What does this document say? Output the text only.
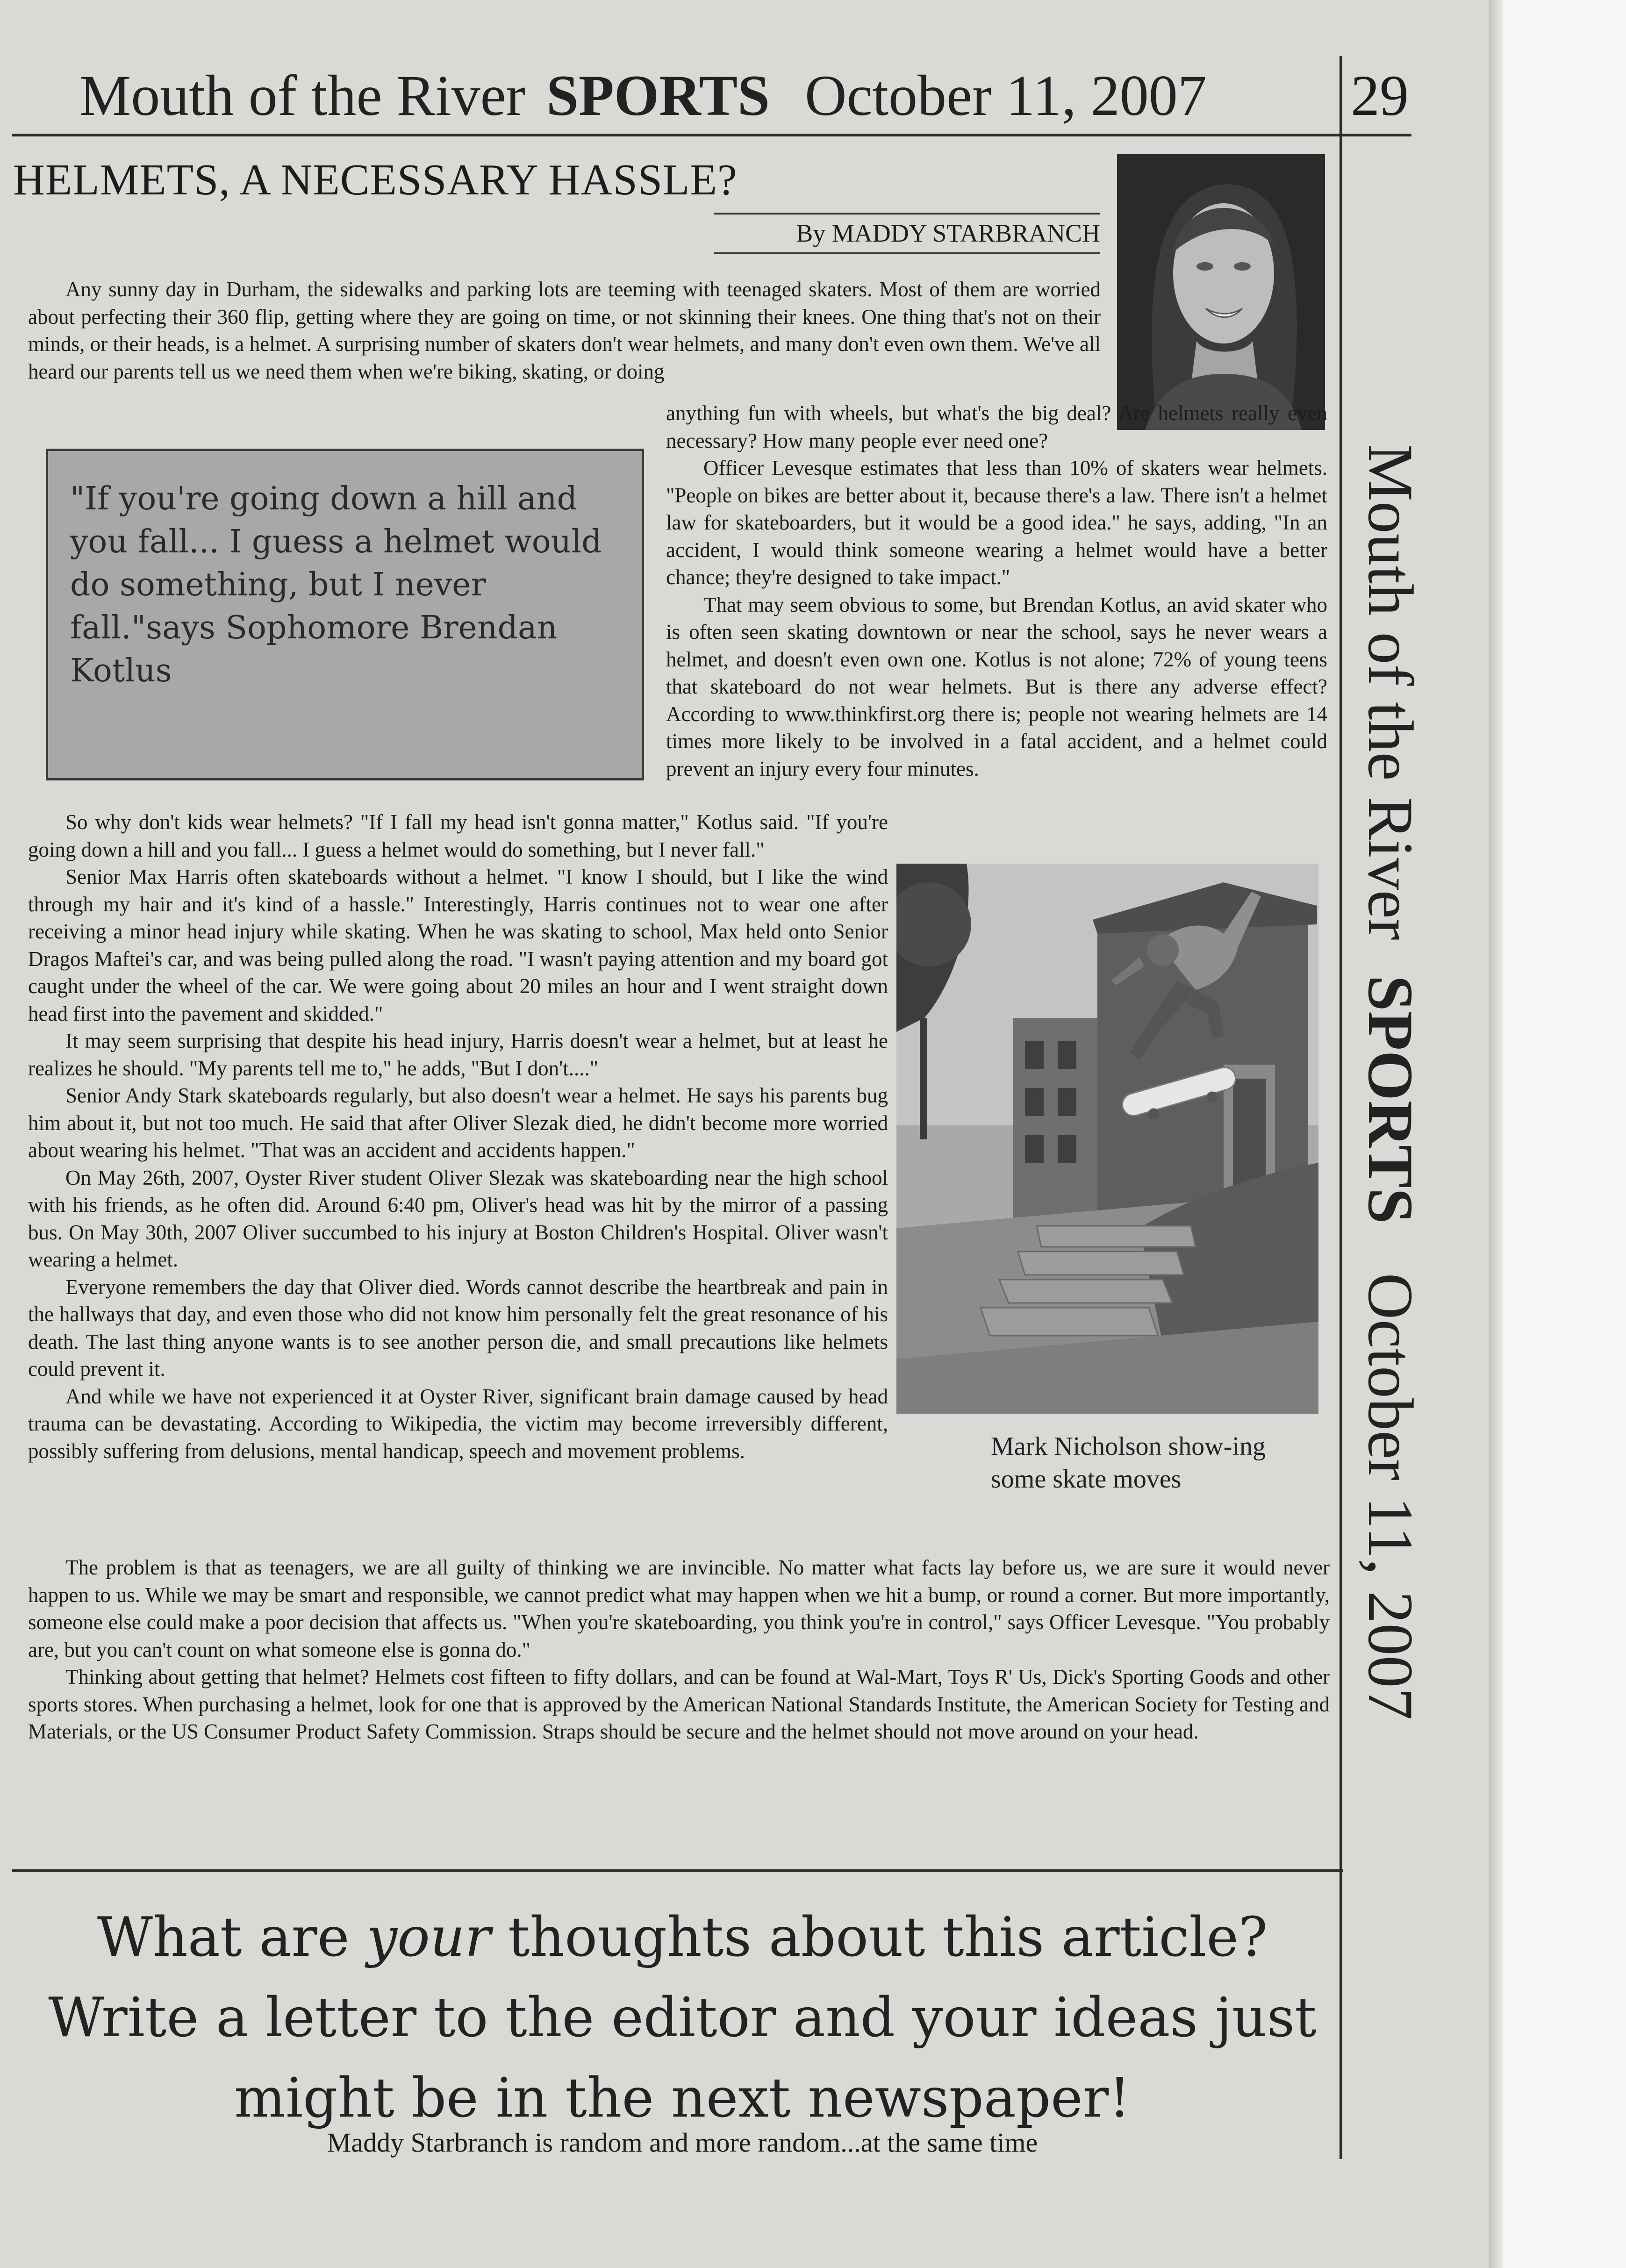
Mouth of the River SPORTS October 11, 2007 29
HELMETS, A NECESSARY HASSLE?
By MADDY STARBRANCH
Any sunny day in Durham, the sidewalks and parking lots are teeming with teenaged skaters. Most of them are worried about perfecting their 360 flip, getting where they are going on time, or not skinning their knees. One thing that's not on their minds, or their heads, is a helmet. A surprising number of skaters don't wear helmets, and many don't even own them. We've all heard our parents tell us we need them when we're biking, skating, or doing
"If you're going down a hill and you fall... I guess a helmet would do something, but I never fall."says Sophomore Brendan Kotlus
anything fun with wheels, but what's the big deal? Are helmets really even necessary? How many people ever need one?
Officer Levesque estimates that less than 10% of skaters wear helmets. "People on bikes are better about it, because there's a law. There isn't a helmet law for skateboarders, but it would be a good idea." he says, adding, "In an accident, I would think someone wearing a helmet would have a better chance; they're designed to take impact."
That may seem obvious to some, but Brendan Kotlus, an avid skater who is often seen skating downtown or near the school, says he never wears a helmet, and doesn't even own one. Kotlus is not alone; 72% of young teens that skateboard do not wear helmets. But is there any adverse effect? According to www.thinkfirst.org there is; people not wearing helmets are 14 times more likely to be involved in a fatal accident, and a helmet could prevent an injury every four minutes.
So why don't kids wear helmets? "If I fall my head isn't gonna matter," Kotlus said. "If you're going down a hill and you fall... I guess a helmet would do something, but I never fall."
Senior Max Harris often skateboards without a helmet. "I know I should, but I like the wind through my hair and it's kind of a hassle." Interestingly, Harris continues not to wear one after receiving a minor head injury while skating. When he was skating to school, Max held onto Senior Dragos Maftei's car, and was being pulled along the road. "I wasn't paying attention and my board got caught under the wheel of the car. We were going about 20 miles an hour and I went straight down head first into the pavement and skidded."
It may seem surprising that despite his head injury, Harris doesn't wear a helmet, but at least he realizes he should. "My parents tell me to," he adds, "But I don't...."
Senior Andy Stark skateboards regularly, but also doesn't wear a helmet. He says his parents bug him about it, but not too much. He said that after Oliver Slezak died, he didn't become more worried about wearing his helmet. "That was an accident and accidents happen."
On May 26th, 2007, Oyster River student Oliver Slezak was skateboarding near the high school with his friends, as he often did. Around 6:40 pm, Oliver's head was hit by the mirror of a passing bus. On May 30th, 2007 Oliver succumbed to his injury at Boston Children's Hospital. Oliver wasn't wearing a helmet.
Everyone remembers the day that Oliver died. Words cannot describe the heartbreak and pain in the hallways that day, and even those who did not know him personally felt the great resonance of his death. The last thing anyone wants is to see another person die, and small precautions like helmets could prevent it.
And while we have not experienced it at Oyster River, significant brain damage caused by head trauma can be devastating. According to Wikipedia, the victim may become irreversibly different, possibly suffering from delusions, mental handicap, speech and movement problems.	Mark Nicholson show-ing some skate moves
The problem is that as teenagers, we are all guilty of thinking we are invincible. No matter what facts lay before us, we are sure it would never happen to us. While we may be smart and responsible, we cannot predict what may happen when we hit a bump, or round a corner. But more importantly, someone else could make a poor decision that affects us. "When you're skateboarding, you think you're in control," says Officer Levesque. "You probably are, but you can't count on what someone else is gonna do."
Thinking about getting that helmet? Helmets cost fifteen to fifty dollars, and can be found at Wal-Mart, Toys R' Us, Dick's Sporting Goods and other sports stores. When purchasing a helmet, look for one that is approved by the American National Standards Institute, the American Society for Testing and Materials, or the US Consumer Product Safety Commission. Straps should be secure and the helmet should not move around on your head.
What are your thoughts about this article?
Write a letter to the editor and your ideas just might be in the next newspaper!
Maddy Starbranch is random and more random...at the same time
Mouth of the RiverSPORTSOctober 11, 2007
